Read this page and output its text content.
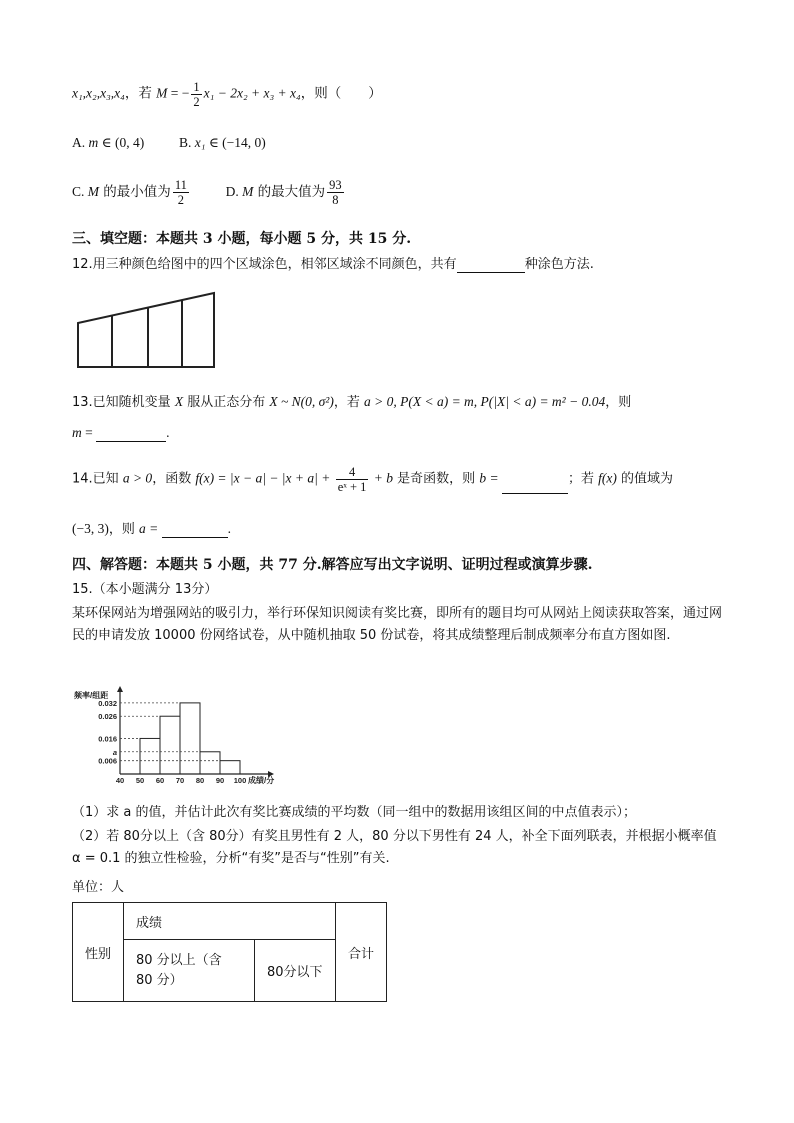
x₁,x₂,x₃,x₄，若 M = − $\frac{1}{2} x_1 - 2x_2 + x_3 + x_4$，则（　　）
A. m ∈ (0, 4)	B. x₁ ∈ (−14, 0)
C. M 的最小值为 $\frac{11}{2}$	D. M 的最大值为 $\frac{93}{8}$
三、填空题：本题共 3 小题，每小题 5 分，共 15 分.
12.用三种颜色给图中的四个区域涂色，相邻区域涂不同颜色，共有	种涂色方法.
13.已知随机变量 X 服从正态分布 X ~ N(0, σ²)，若 a > 0, P(X < a) = m, P(|X| < a) = m² − 0.04，则
m =	.
14.已知 a > 0，函数 $f(x) = |x - a| - |x + a| + \frac{4}{\text{eˣ + 1}} + b$ 是奇函数，则 b =	；若 f(x) 的值域为
(−3, 3)，则 a =	.
四、解答题：本题共 5 小题，共 77 分.解答应写出文字说明、证明过程或演算步骤.
15.（本小题满分 13分）
某环保网站为增强网站的吸引力，举行环保知识阅读有奖比赛，即所有的题目均可从网站上阅读获取答案，通过网民的申请发放 10000 份网络试卷，从中随机抽取 50 份试卷，将其成绩整理后制成频率分布直方图如图.
频率/组距
0.032
0.026
0.016
a
0.006
40 50 60 70 80 90 100 成绩/分
（1）求 a 的值，并估计此次有奖比赛成绩的平均数（同一组中的数据用该组区间的中点值表示）；
（2）若 80分以上（含 80分）有奖且男性有 2 人，80 分以下男性有 24 人，补全下面列联表，并根据小概率值 α = 0.1 的独立性检验，分析“有奖”是否与“性别”有关.
单位：人
性别	成绩		合计
	80 分以上（含 80 分）	80分以下	
